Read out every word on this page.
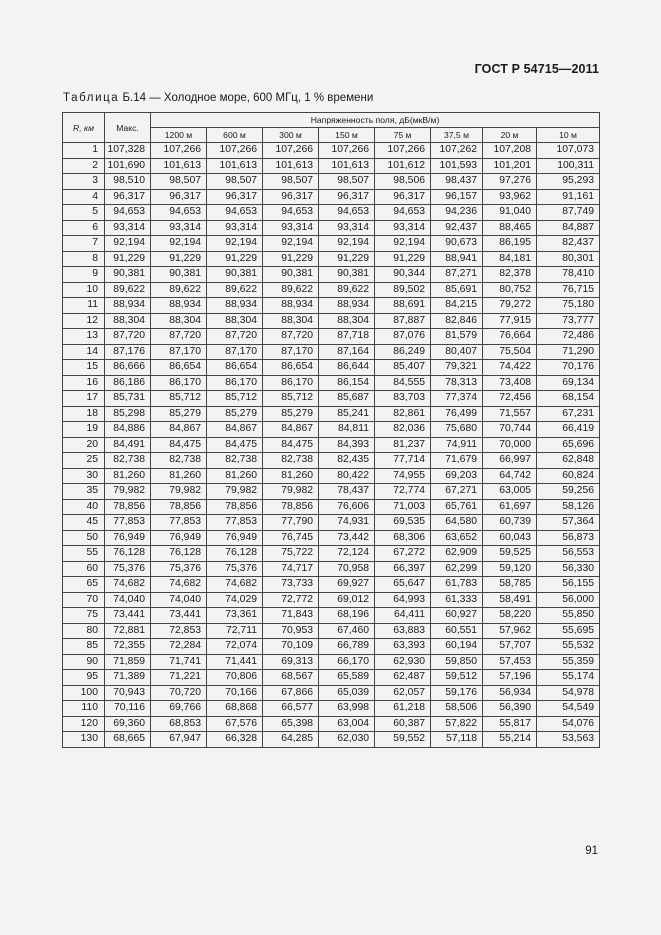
ГОСТ Р 54715—2011
Таблица Б.14 — Холодное море, 600 МГц, 1 % времени
R, км	Макс.	Напряженность поля, дБ(мкВ/м)							
		1200 м	600 м	300 м	150 м	75 м	37,5 м	20 м	10 м
1	107,328	107,266	107,266	107,266	107,266	107,266	107,262	107,208	107,073
2	101,690	101,613	101,613	101,613	101,613	101,612	101,593	101,201	100,311
3	98,510	98,507	98,507	98,507	98,507	98,506	98,437	97,276	95,293
4	96,317	96,317	96,317	96,317	96,317	96,317	96,157	93,962	91,161
5	94,653	94,653	94,653	94,653	94,653	94,653	94,236	91,040	87,749
6	93,314	93,314	93,314	93,314	93,314	93,314	92,437	88,465	84,887
7	92,194	92,194	92,194	92,194	92,194	92,194	90,673	86,195	82,437
8	91,229	91,229	91,229	91,229	91,229	91,229	88,941	84,181	80,301
9	90,381	90,381	90,381	90,381	90,381	90,344	87,271	82,378	78,410
10	89,622	89,622	89,622	89,622	89,622	89,502	85,691	80,752	76,715
11	88,934	88,934	88,934	88,934	88,934	88,691	84,215	79,272	75,180
12	88,304	88,304	88,304	88,304	88,304	87,887	82,846	77,915	73,777
13	87,720	87,720	87,720	87,720	87,718	87,076	81,579	76,664	72,486
14	87,176	87,170	87,170	87,170	87,164	86,249	80,407	75,504	71,290
15	86,666	86,654	86,654	86,654	86,644	85,407	79,321	74,422	70,176
16	86,186	86,170	86,170	86,170	86,154	84,555	78,313	73,408	69,134
17	85,731	85,712	85,712	85,712	85,687	83,703	77,374	72,456	68,154
18	85,298	85,279	85,279	85,279	85,241	82,861	76,499	71,557	67,231
19	84,886	84,867	84,867	84,867	84,811	82,036	75,680	70,744	66,419
20	84,491	84,475	84,475	84,475	84,393	81,237	74,911	70,000	65,696
25	82,738	82,738	82,738	82,738	82,435	77,714	71,679	66,997	62,848
30	81,260	81,260	81,260	81,260	80,422	74,955	69,203	64,742	60,824
35	79,982	79,982	79,982	79,982	78,437	72,774	67,271	63,005	59,256
40	78,856	78,856	78,856	78,856	76,606	71,003	65,761	61,697	58,126
45	77,853	77,853	77,853	77,790	74,931	69,535	64,580	60,739	57,364
50	76,949	76,949	76,949	76,745	73,442	68,306	63,652	60,043	56,873
55	76,128	76,128	76,128	75,722	72,124	67,272	62,909	59,525	56,553
60	75,376	75,376	75,376	74,717	70,958	66,397	62,299	59,120	56,330
65	74,682	74,682	74,682	73,733	69,927	65,647	61,783	58,785	56,155
70	74,040	74,040	74,029	72,772	69,012	64,993	61,333	58,491	56,000
75	73,441	73,441	73,361	71,843	68,196	64,411	60,927	58,220	55,850
80	72,881	72,853	72,711	70,953	67,460	63,883	60,551	57,962	55,695
85	72,355	72,284	72,074	70,109	66,789	63,393	60,194	57,707	55,532
90	71,859	71,741	71,441	69,313	66,170	62,930	59,850	57,453	55,359
95	71,389	71,221	70,806	68,567	65,589	62,487	59,512	57,196	55,174
100	70,943	70,720	70,166	67,866	65,039	62,057	59,176	56,934	54,978
110	70,116	69,766	68,868	66,577	63,998	61,218	58,506	56,390	54,549
120	69,360	68,853	67,576	65,398	63,004	60,387	57,822	55,817	54,076
130	68,665	67,947	66,328	64,285	62,030	59,552	57,118	55,214	53,563
91
